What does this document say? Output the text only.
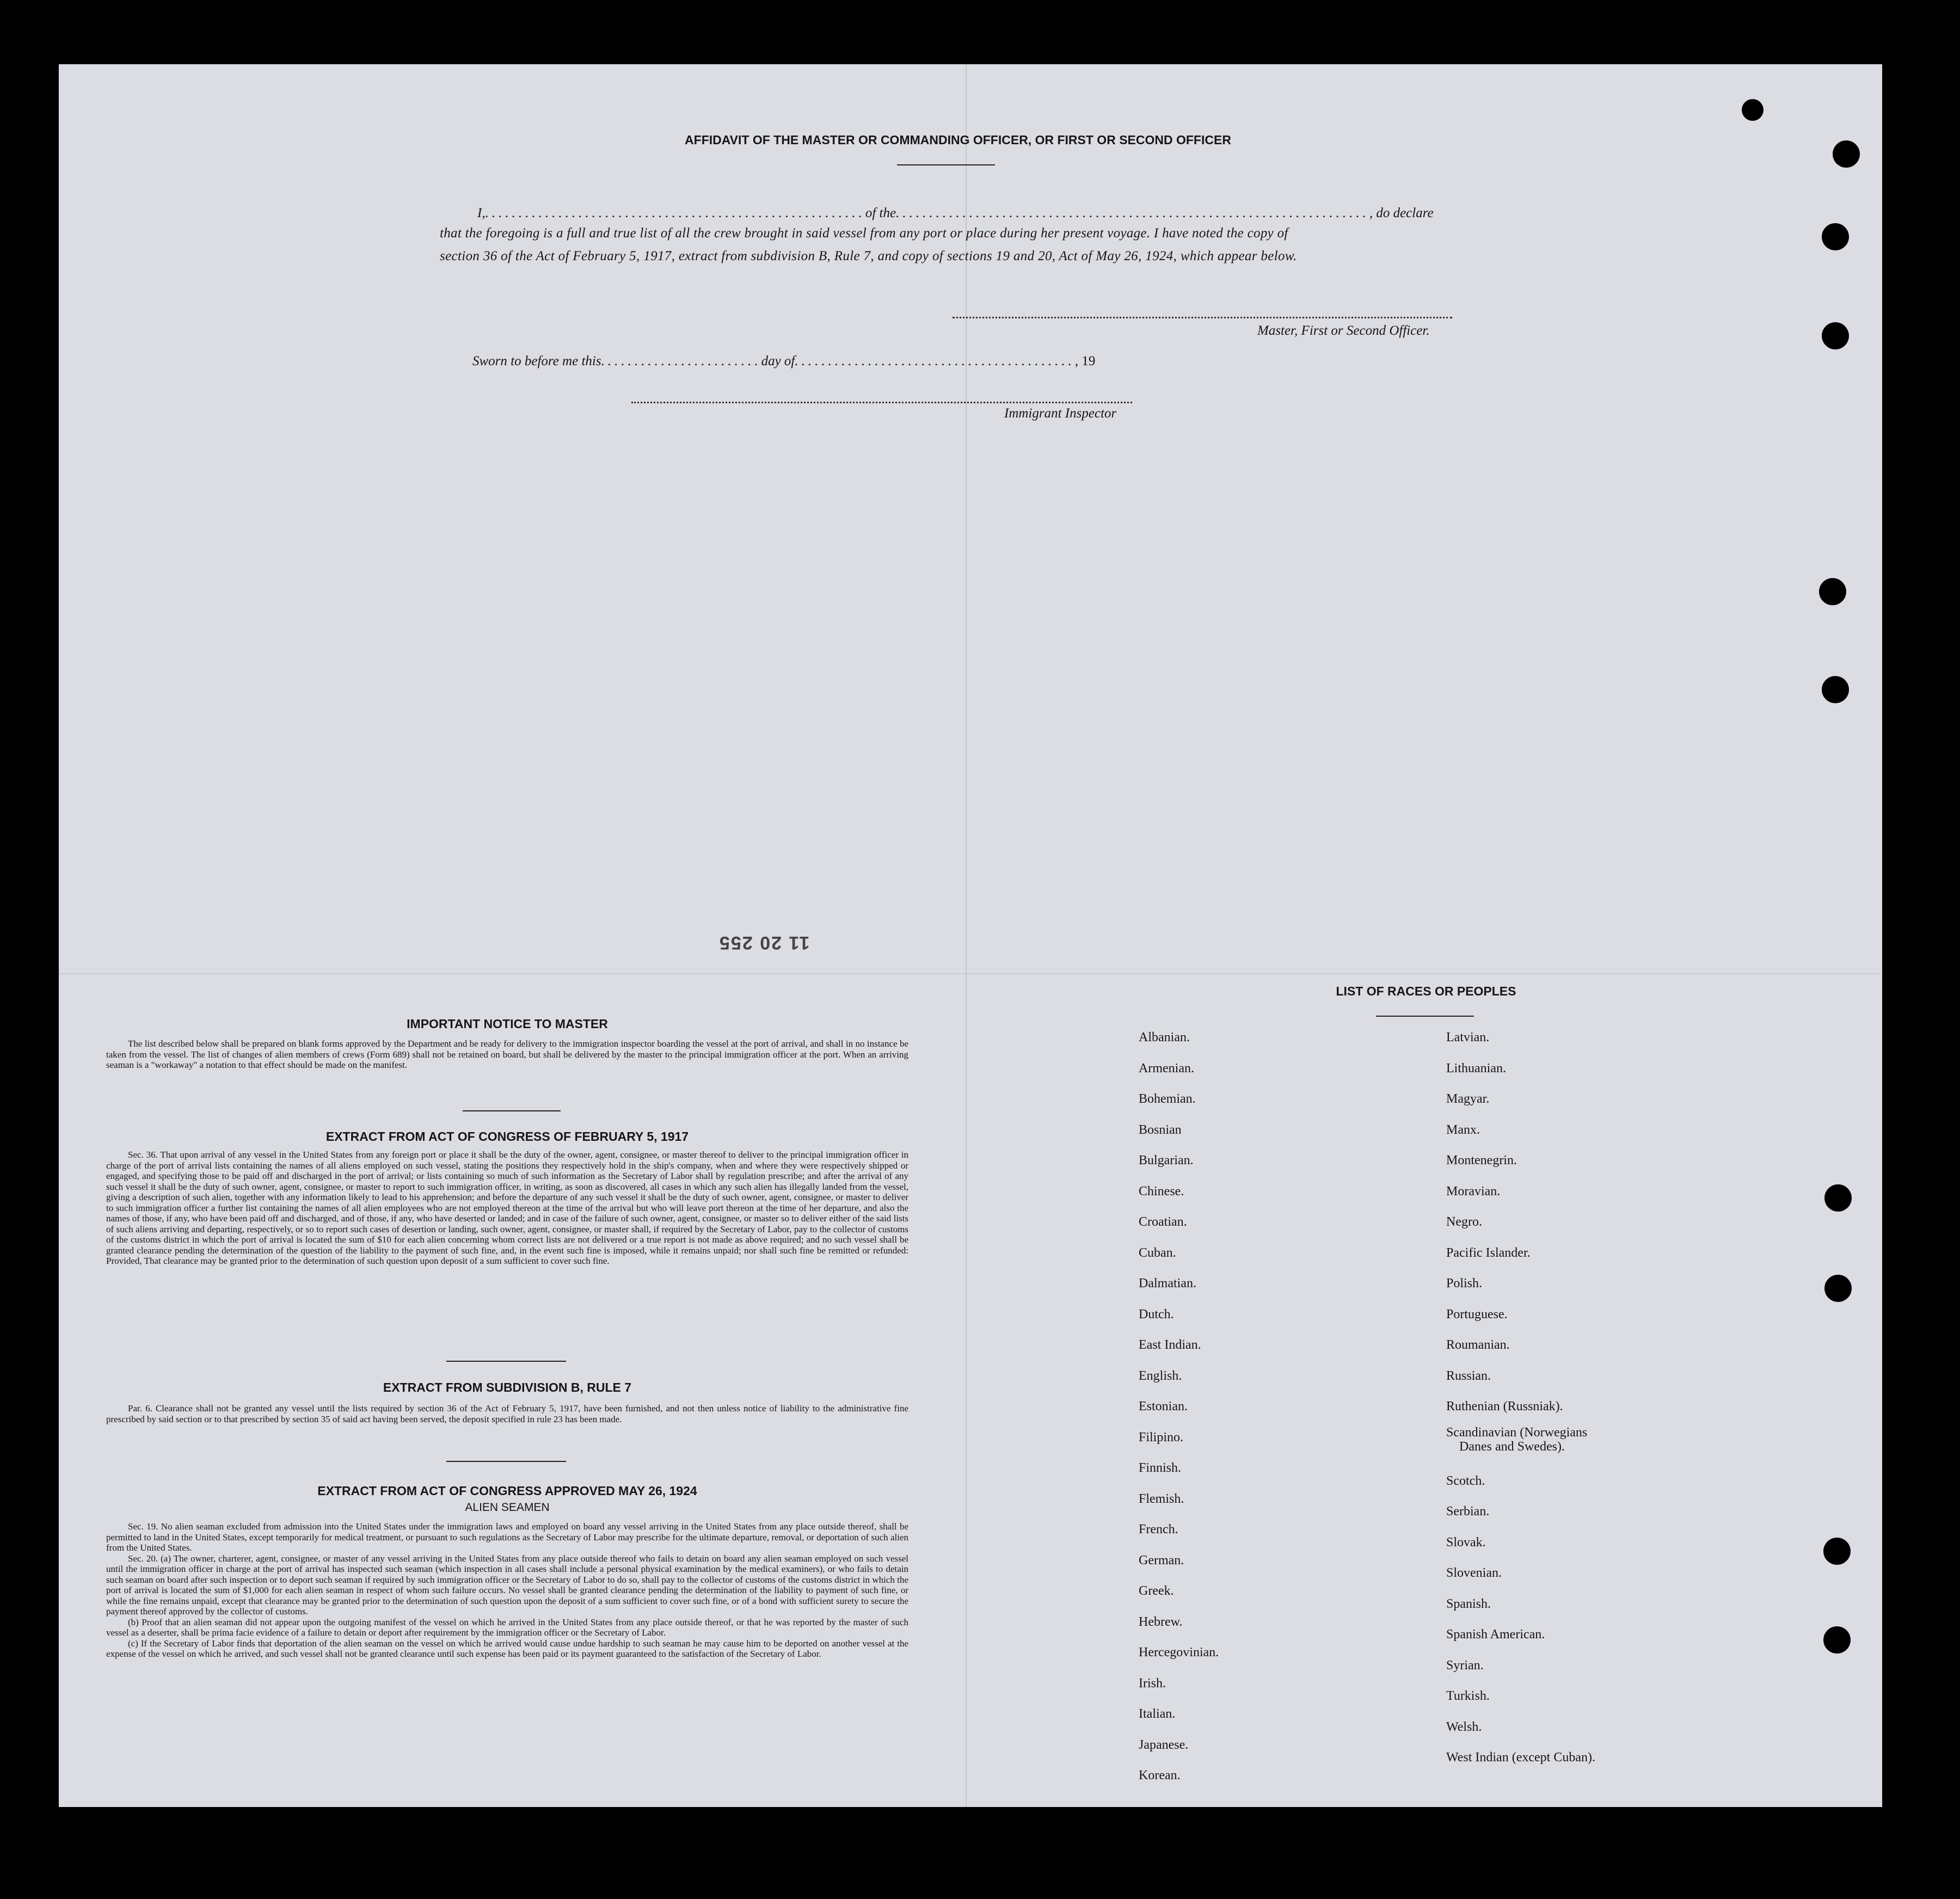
AFFIDAVIT OF THE MASTER OR COMMANDING OFFICER, OR FIRST OR SECOND OFFICER
I,.........................................................of the......................................................................., do declare
that the foregoing is a full and true list of all the crew brought in said vessel from any port or place during her present voyage. I have noted the copy of
section 36 of the Act of February 5, 1917, extract from subdivision B, Rule 7, and copy of sections 19 and 20, Act of May 26, 1924, which appear below.
Master, First or Second Officer.
Sworn to before me this........................day of.........................................., 19
Immigrant Inspector
11 20 255
IMPORTANT NOTICE TO MASTER

The list described below shall be prepared on blank forms approved by the Department and be ready for delivery to the immigration inspector boarding the vessel at the port of arrival, and shall in no instance be taken from the vessel. The list of changes of alien members of crews (Form 689) shall not be retained on board, but shall be delivered by the master to the principal immigration officer at the port. When an arriving seaman is a "workaway" a notation to that effect should be made on the manifest.

EXTRACT FROM ACT OF CONGRESS OF FEBRUARY 5, 1917

Sec. 36. That upon arrival of any vessel in the United States from any foreign port or place it shall be the duty of the owner, agent, consignee, or master thereof to deliver to the principal immigration officer in charge of the port of arrival lists containing the names of all aliens employed on such vessel, stating the positions they respectively hold in the ship's company, when and where they were respectively shipped or engaged, and specifying those to be paid off and discharged in the port of arrival; or lists containing so much of such information as the Secretary of Labor shall by regulation prescribe; and after the arrival of any such vessel it shall be the duty of such owner, agent, consignee, or master to report to such immigration officer, in writing, as soon as discovered, all cases in which any such alien has illegally landed from the vessel, giving a description of such alien, together with any information likely to lead to his apprehension; and before the departure of any such vessel it shall be the duty of such owner, agent, consignee, or master to deliver to such immigration officer a further list containing the names of all alien employees who are not employed thereon at the time of the arrival but who will leave port thereon at the time of her departure, and also the names of those, if any, who have been paid off and discharged, and of those, if any, who have deserted or landed; and in case of the failure of such owner, agent, consignee, or master so to deliver either of the said lists of such aliens arriving and departing, respectively, or so to report such cases of desertion or landing, such owner, agent, consignee, or master shall, if required by the Secretary of Labor, pay to the collector of customs of the customs district in which the port of arrival is located the sum of $10 for each alien concerning whom correct lists are not delivered or a true report is not made as above required; and no such vessel shall be granted clearance pending the determination of the question of the liability to the payment of such fine, and, in the event such fine is imposed, while it remains unpaid; nor shall such fine be remitted or refunded: Provided, That clearance may be granted prior to the determination of such question upon deposit of a sum sufficient to cover such fine.

EXTRACT FROM SUBDIVISION B, RULE 7

Par. 6. Clearance shall not be granted any vessel until the lists required by section 36 of the Act of February 5, 1917, have been furnished, and not then unless notice of liability to the administrative fine prescribed by said section or to that prescribed by section 35 of said act having been served, the deposit specified in rule 23 has been made.

EXTRACT FROM ACT OF CONGRESS APPROVED MAY 26, 1924
ALIEN SEAMEN

Sec. 19. No alien seaman excluded from admission into the United States under the immigration laws and employed on board any vessel arriving in the United States from any place outside thereof, shall be permitted to land in the United States, except temporarily for medical treatment, or pursuant to such regulations as the Secretary of Labor may prescribe for the ultimate departure, removal, or deportation of such alien from the United States.

Sec. 20. (a) The owner, charterer, agent, consignee, or master of any vessel arriving in the United States from any place outside thereof who fails to detain on board any alien seaman employed on such vessel until the immigration officer in charge at the port of arrival has inspected such seaman (which inspection in all cases shall include a personal physical examination by the medical examiners), or who fails to detain such seaman on board after such inspection or to deport such seaman if required by such immigration officer or the Secretary of Labor to do so, shall pay to the collector of customs of the customs district in which the port of arrival is located the sum of $1,000 for each alien seaman in respect of whom such failure occurs. No vessel shall be granted clearance pending the determination of the liability to payment of such fine, or while the fine remains unpaid, except that clearance may be granted prior to the determination of such question upon the deposit of a sum sufficient to cover such fine, or of a bond with sufficient surety to secure the payment thereof approved by the collector of customs.

(b) Proof that an alien seaman did not appear upon the outgoing manifest of the vessel on which he arrived in the United States from any place outside thereof, or that he was reported by the master of such vessel as a deserter, shall be prima facie evidence of a failure to detain or deport after requirement by the immigration officer or the Secretary of Labor.

(c) If the Secretary of Labor finds that deportation of the alien seaman on the vessel on which he arrived would cause undue hardship to such seaman he may cause him to be deported on another vessel at the expense of the vessel on which he arrived, and such vessel shall not be granted clearance until such expense has been paid or its payment guaranteed to the satisfaction of the Secretary of Labor.

LIST OF RACES OR PEOPLES
Albanian.
Armenian.
Bohemian.
Bosnian
Bulgarian.
Chinese.
Croatian.
Cuban.
Dalmatian.
Dutch.
East Indian.
English.
Estonian.
Filipino.
Finnish.
Flemish.
French.
German.
Greek.
Hebrew.
Hercegovinian.
Irish.
Italian.
Japanese.
Korean.
Latvian.
Lithuanian.
Magyar.
Manx.
Montenegrin.
Moravian.
Negro.
Pacific Islander.
Polish.
Portuguese.
Roumanian.
Russian.
Ruthenian (Russniak).
Scandinavian (Norwegians
Danes and Swedes).
Scotch.
Serbian.
Slovak.
Slovenian.
Spanish.
Spanish American.
Syrian.
Turkish.
Welsh.
West Indian (except Cuban).
